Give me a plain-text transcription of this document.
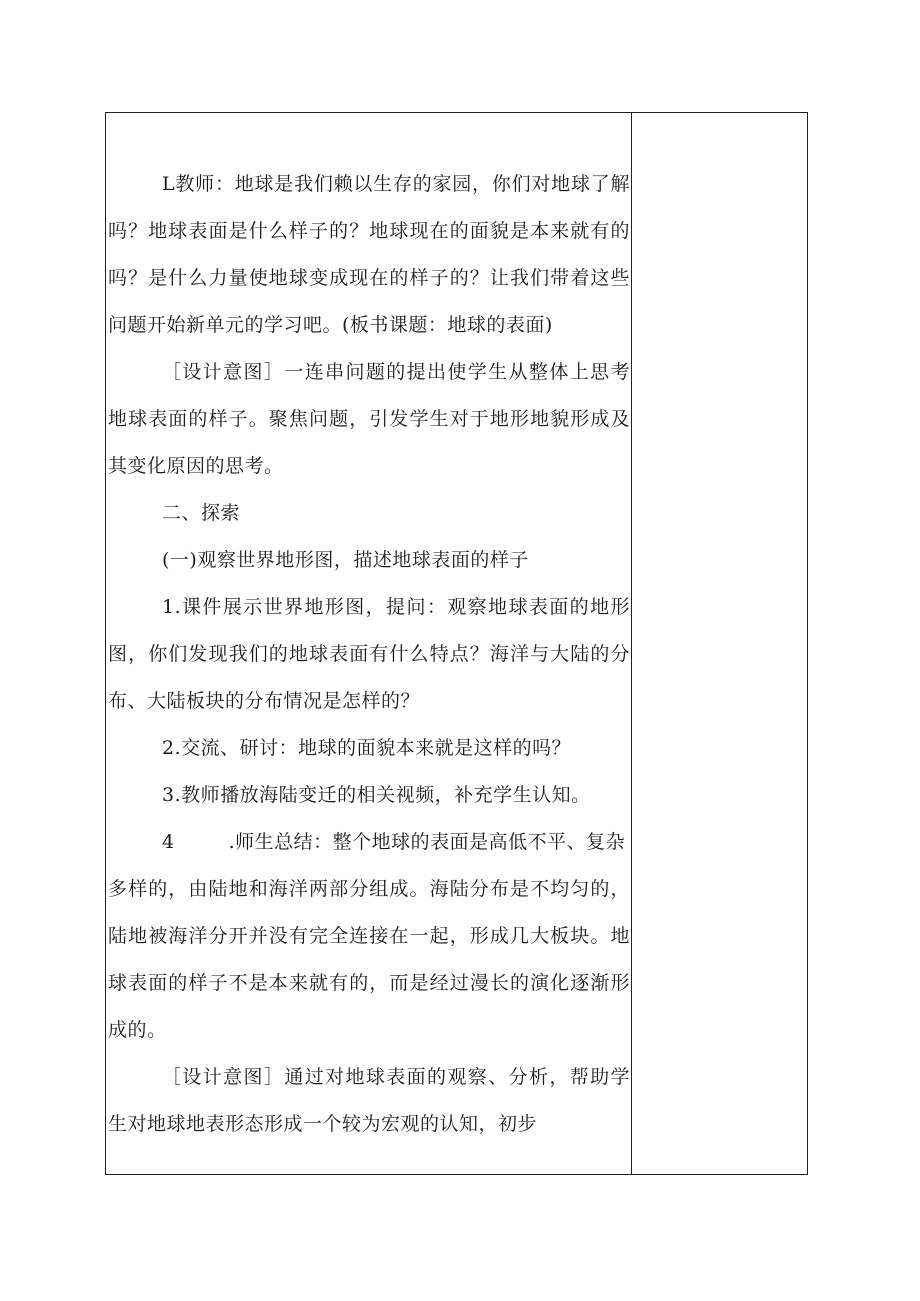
L教师：地球是我们赖以生存的家园，你们对地球了解
吗？地球表面是什么样子的？地球现在的面貌是本来就有的
吗？是什么力量使地球变成现在的样子的？让我们带着这些
问题开始新单元的学习吧。(板书课题：地球的表面)
［设计意图］一连串问题的提出使学生从整体上思考
地球表面的样子。聚焦问题，引发学生对于地形地貌形成及
其变化原因的思考。
二、探索
(一)观察世界地形图，描述地球表面的样子
1.课件展示世界地形图，提问：观察地球表面的地形
图，你们发现我们的地球表面有什么特点？海洋与大陆的分
布、大陆板块的分布情况是怎样的？
2.交流、研讨：地球的面貌本来就是这样的吗？
3.教师播放海陆变迁的相关视频，补充学生认知。
4	.师生总结：整个地球的表面是高低不平、复杂
多样的，由陆地和海洋两部分组成。海陆分布是不均匀的，
陆地被海洋分开并没有完全连接在一起，形成几大板块。地
球表面的样子不是本来就有的，而是经过漫长的演化逐渐形
成的。
［设计意图］通过对地球表面的观察、分析，帮助学
生对地球地表形态形成一个较为宏观的认知，初步
